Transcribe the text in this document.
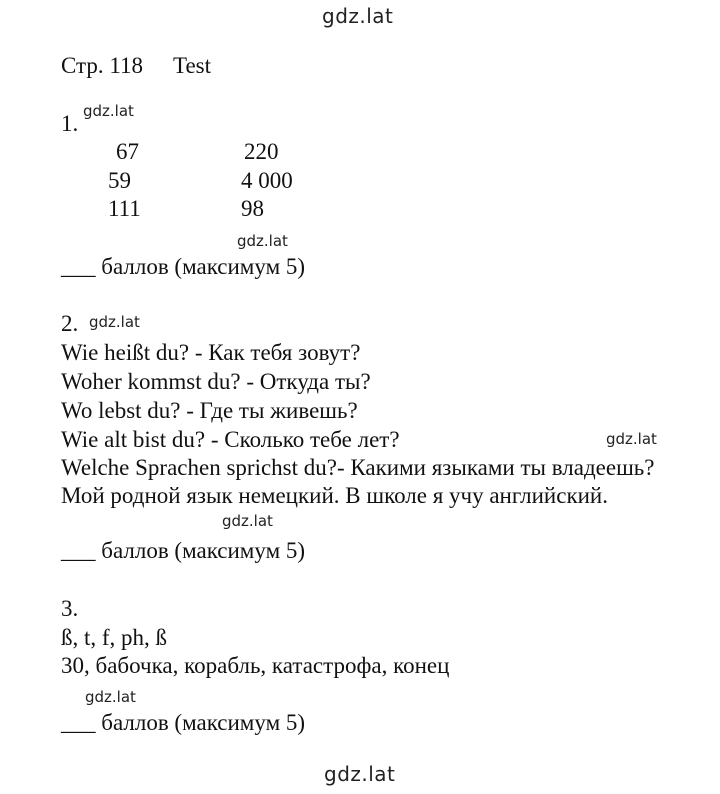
gdz.lat
gdz.lat
gdz.lat
gdz.lat
gdz.lat
gdz.lat
gdz.lat
gdz.lat
Стр. 118 Test
1.
67	220
59	4 000
111	98
___ баллов (максимум 5)
2.
Wie heißt du? - Как тебя зовут?
Woher kommst du? - Откуда ты?
Wo lebst du? - Где ты живешь?
Wie alt bist du? - Сколько тебе лет?
Welche Sprachen sprichst du?- Какими языками ты владеешь?
Мой родной язык немецкий. В школе я учу английский.
___ баллов (максимум 5)
3.
ß, t, f, ph, ß
30, бабочка, корабль, катастрофа, конец
___ баллов (максимум 5)
